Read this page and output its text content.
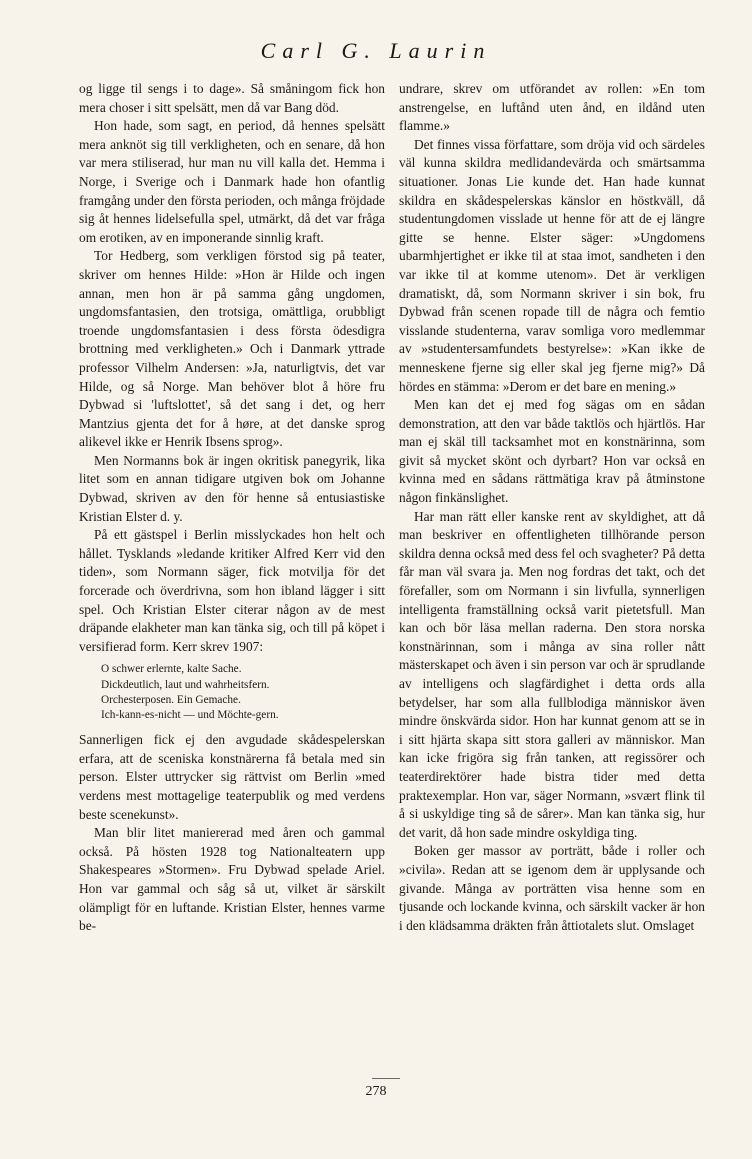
Carl G. Laurin

og ligge til sengs i to dage». Så småningom fick hon mera choser i sitt spelsätt, men då var Bang död.

Hon hade, som sagt, en period, då hennes spelsätt mera anknöt sig till verkligheten, och en senare, då hon var mera stiliserad, hur man nu vill kalla det. Hemma i Norge, i Sverige och i Danmark hade hon ofantlig framgång under den första perioden, och många fröjdade sig åt hennes lidelsefulla spel, utmärkt, då det var fråga om erotiken, av en imponerande sinnlig kraft.

Tor Hedberg, som verkligen förstod sig på teater, skriver om hennes Hilde: »Hon är Hilde och ingen annan, men hon är på samma gång ungdomen, ungdomsfantasien, den trotsiga, omättliga, orubbligt troende ungdomsfantasien i dess första ödesdigra brottning med verkligheten.» Och i Danmark yttrade professor Vilhelm Andersen: »Ja, naturligtvis, det var Hilde, og så Norge. Man behöver blot å höre fru Dybwad si 'luftslottet', så det sang i det, og herr Mantzius gjenta det for å høre, at det danske sprog alikevel ikke er Henrik Ibsens sprog».

Men Normanns bok är ingen okritisk panegyrik, lika litet som en annan tidigare utgiven bok om Johanne Dybwad, skriven av den för henne så entusiastiske Kristian Elster d. y.

På ett gästspel i Berlin misslyckades hon helt och hållet. Tysklands »ledande kritiker Alfred Kerr vid den tiden», som Normann säger, fick motvilja för det forcerade och överdrivna, som hon ibland lägger i sitt spel. Och Kristian Elster citerar någon av de mest dräpande elakheter man kan tänka sig, och till på köpet i versifierad form. Kerr skrev 1907:

O schwer erlernte, kalte Sache.
Dickdeutlich, laut und wahrheitsfern.
Orchesterposen. Ein Gemache.
Ich-kann-es-nicht — und Möchte-gern.

Sannerligen fick ej den avgudade skådespelerskan erfara, att de sceniska konstnärerna få betala med sin person. Elster uttrycker sig rättvist om Berlin »med verdens mest mottagelige teaterpublik og med verdens beste scenekunst».

Man blir litet maniererad med åren och gammal också. På hösten 1928 tog Nationalteatern upp Shakespeares »Stormen». Fru Dybwad spelade Ariel. Hon var gammal och såg så ut, vilket är särskilt olämpligt för en luftande. Kristian Elster, hennes varme be-

undrare, skrev om utförandet av rollen: »En tom anstrengelse, en luftånd uten ånd, en ildånd uten flamme.»

Det finnes vissa författare, som dröja vid och särdeles väl kunna skildra medlidandevärda och smärtsamma situationer. Jonas Lie kunde det. Han hade kunnat skildra en skådespelerskas känslor en höstkväll, då studentungdomen visslade ut henne för att de ej längre gitte se henne. Elster säger: »Ungdomens ubarmhjertighet er ikke til at staa imot, sandheten i den var ikke til at komme utenom». Det är verkligen dramatiskt, då, som Normann skriver i sin bok, fru Dybwad från scenen ropade till de några och femtio visslande studenterna, varav somliga voro medlemmar av »studentersamfundets bestyrelse»: »Kan ikke de menneskene fjerne sig eller skal jeg fjerne mig?» Då hördes en stämma: »Derom er det bare en mening.»

Men kan det ej med fog sägas om en sådan demonstration, att den var både taktlös och hjärtlös. Har man ej skäl till tacksamhet mot en konstnärinna, som givit så mycket skönt och dyrbart? Hon var också en kvinna med en sådans rättmätiga krav på åtminstone någon finkänslighet.

Har man rätt eller kanske rent av skyldighet, att då man beskriver en offentligheten tillhörande person skildra denna också med dess fel och svagheter? På detta får man väl svara ja. Men nog fordras det takt, och det förefaller, som om Normann i sin livfulla, synnerligen intelligenta framställning också varit pietetsfull. Man kan och bör läsa mellan raderna. Den stora norska konstnärinnan, som i många av sina roller nått mästerskapet och även i sin person var och är sprudlande av intelligens och slagfärdighet i detta ords alla betydelser, har som alla fullblodiga människor även mindre önskvärda sidor. Hon har kunnat genom att se in i sitt hjärta skapa sitt stora galleri av människor. Man kan icke frigöra sig från tanken, att regissörer och teaterdirektörer hade bistra tider med detta praktexemplar. Hon var, säger Normann, »svært flink til å si uskyldige ting så de sårer». Man kan tänka sig, hur det varit, då hon sade mindre oskyldiga ting.

Boken ger massor av porträtt, både i roller och »civila». Redan att se igenom dem är upplysande och givande. Många av porträtten visa henne som en tjusande och lockande kvinna, och särskilt vacker är hon i den klädsamma dräkten från åttiotalets slut. Omslaget

278
